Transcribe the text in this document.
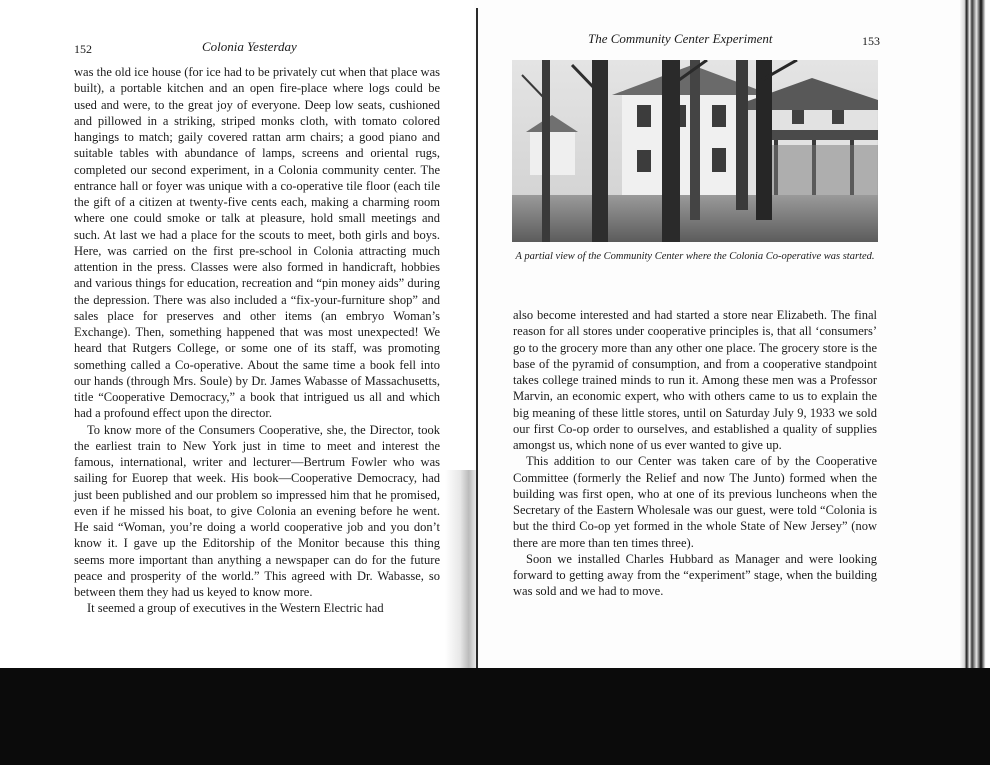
152	Colonia Yesterday

was the old ice house (for ice had to be privately cut when that place was built), a portable kitchen and an open fire-place where logs could be used and were, to the great joy of everyone. Deep low seats, cushioned and pillowed in a striking, striped monks cloth, with tomato colored hangings to match; gaily covered rattan arm chairs; a good piano and suitable tables with abundance of lamps, screens and oriental rugs, completed our second experiment, in a Colonia community center. The entrance hall or foyer was unique with a co-operative tile floor (each tile the gift of a citizen at twenty-five cents each, making a charming room where one could smoke or talk at pleasure, hold small meetings and such. At last we had a place for the scouts to meet, both girls and boys. Here, was carried on the first pre-school in Colonia attracting much attention in the press. Classes were also formed in handicraft, hobbies and various things for education, recreation and “pin money aids” during the depression. There was also included a “fix-your-furniture shop” and sales place for preserves and other items (an embryo Woman’s Exchange). Then, something happened that was most unexpected! We heard that Rutgers College, or some one of its staff, was promoting something called a Co-operative. About the same time a book fell into our hands (through Mrs. Soule) by Dr. James Wabasse of Massachusetts, title “Cooperative Democracy,” a book that intrigued us all and which had a profound effect upon the director.

To know more of the Consumers Cooperative, she, the Director, took the earliest train to New York just in time to meet and interest the famous, international, writer and lecturer—Bertrum Fowler who was sailing for Euorep that week. His book—Cooperative Democracy, had just been published and our problem so impressed him that he promised, even if he missed his boat, to give Colonia an evening before he went. He said “Woman, you’re doing a world cooperative job and you don’t know it. I gave up the Editorship of the Monitor because this thing seems more important than anything a newspaper can do for the future peace and prosperity of the world.” This agreed with Dr. Wabasse, so between them they had us keyed to know more.

It seemed a group of executives in the Western Electric had

The Community Center Experiment	153
A partial view of the Community Center where the Colonia Co-operative was started.

also become interested and had started a store near Elizabeth. The final reason for all stores under cooperative principles is, that all ‘consumers’ go to the grocery more than any other one place. The grocery store is the base of the pyramid of consumption, and from a cooperative standpoint takes college trained minds to run it. Among these men was a Professor Marvin, an economic expert, who with others came to us to explain the big meaning of these little stores, until on Saturday July 9, 1933 we sold our first Co-op order to ourselves, and established a quality of supplies amongst us, which none of us ever wanted to give up.

This addition to our Center was taken care of by the Cooperative Committee (formerly the Relief and now The Junto) formed when the building was first open, who at one of its previous luncheons when the Secretary of the Eastern Wholesale was our guest, were told “Colonia is but the third Co-op yet formed in the whole State of New Jersey” (now there are more than ten times three).

Soon we installed Charles Hubbard as Manager and were looking forward to getting away from the “experiment” stage, when the building was sold and we had to move.
